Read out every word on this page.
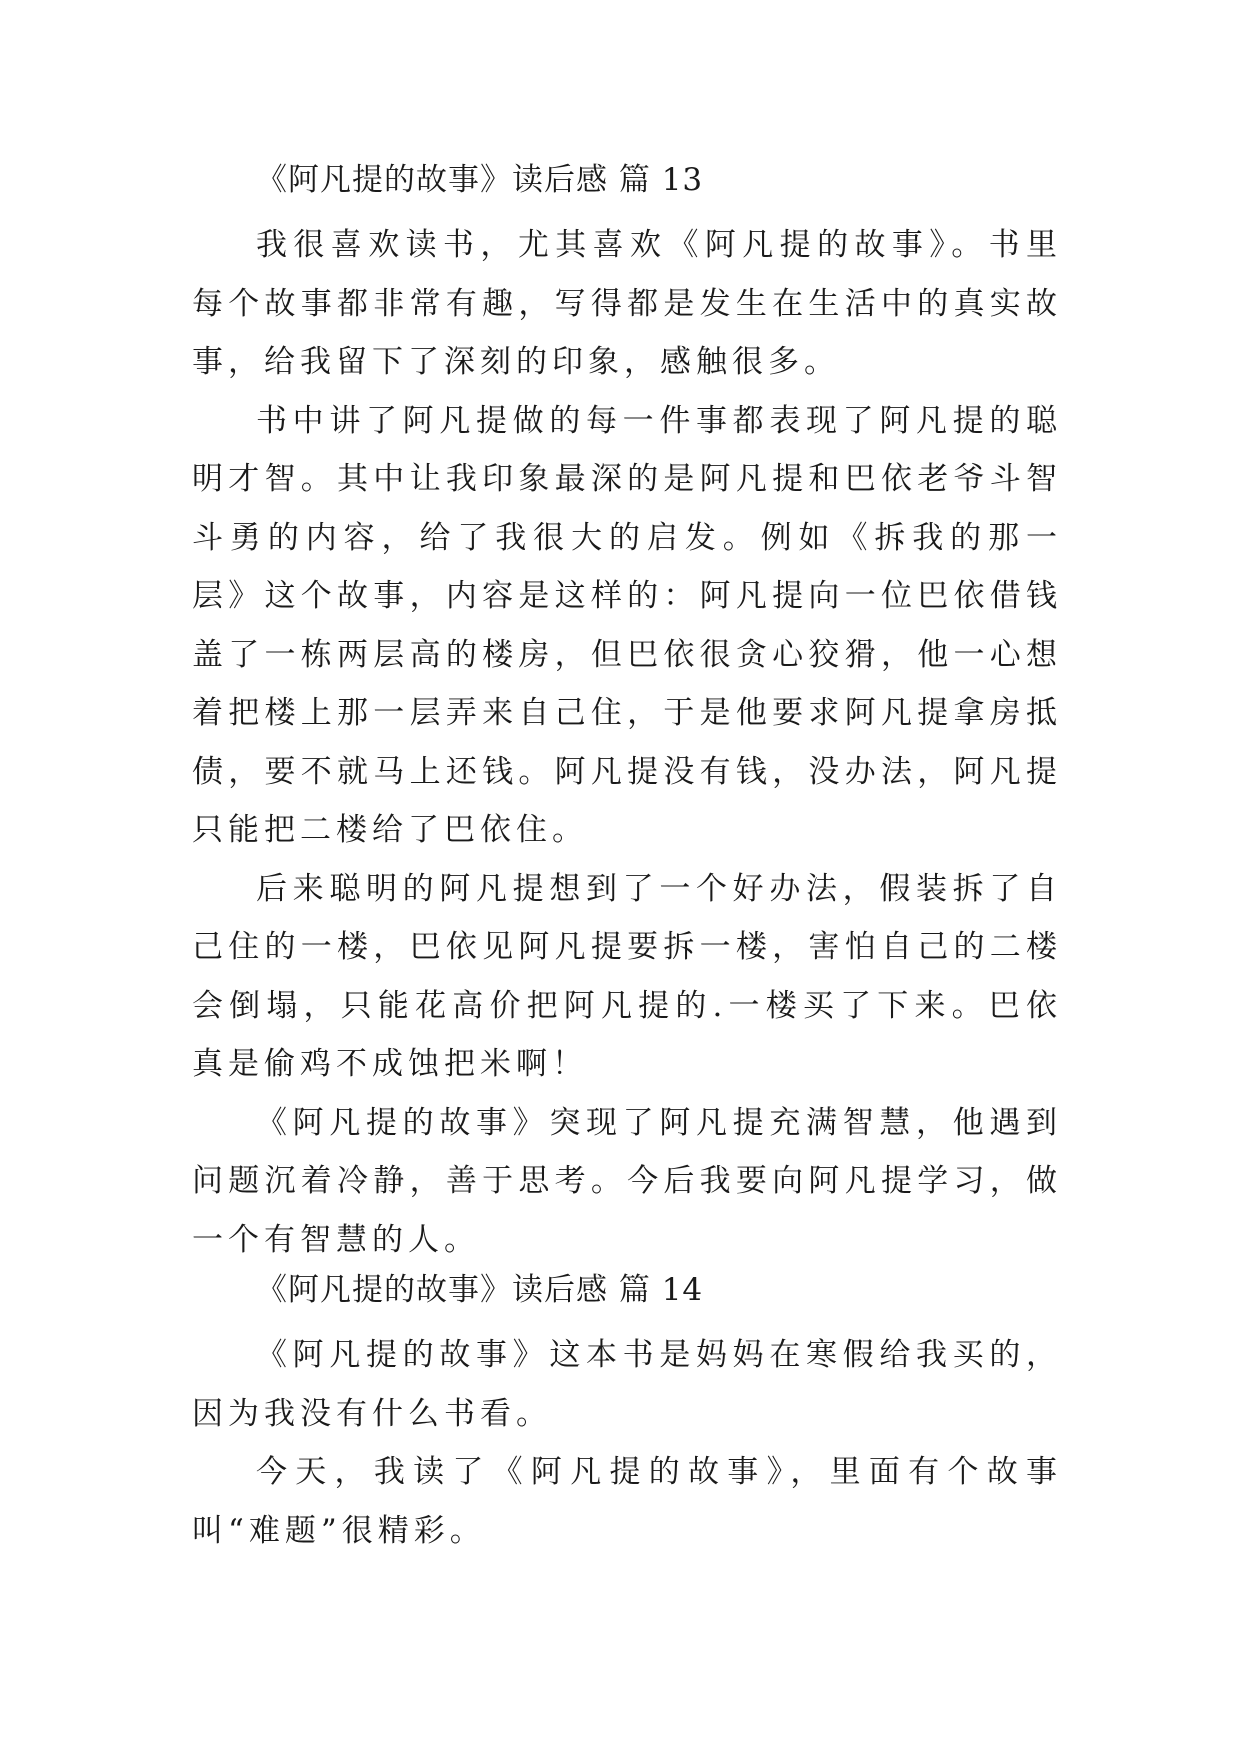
《阿凡提的故事》读后感 篇 13

我很喜欢读书，尤其喜欢《阿凡提的故事》。书里每个故事都非常有趣，写得都是发生在生活中的真实故事，给我留下了深刻的印象，感触很多。

书中讲了阿凡提做的每一件事都表现了阿凡提的聪明才智。其中让我印象最深的是阿凡提和巴依老爷斗智斗勇的内容，给了我很大的启发。例如《拆我的那一层》这个故事，内容是这样的：阿凡提向一位巴依借钱盖了一栋两层高的楼房，但巴依很贪心狡猾，他一心想着把楼上那一层弄来自己住，于是他要求阿凡提拿房抵债，要不就马上还钱。阿凡提没有钱，没办法，阿凡提只能把二楼给了巴依住。

后来聪明的阿凡提想到了一个好办法，假装拆了自己住的一楼，巴依见阿凡提要拆一楼，害怕自己的二楼会倒塌，只能花高价把阿凡提的.一楼买了下来。巴依真是偷鸡不成蚀把米啊！

《阿凡提的故事》突现了阿凡提充满智慧，他遇到问题沉着冷静，善于思考。今后我要向阿凡提学习，做一个有智慧的人。

《阿凡提的故事》读后感 篇 14

《阿凡提的故事》这本书是妈妈在寒假给我买的，因为我没有什么书看。

今天，我读了《阿凡提的故事》，里面有个故事叫“难题”很精彩。
